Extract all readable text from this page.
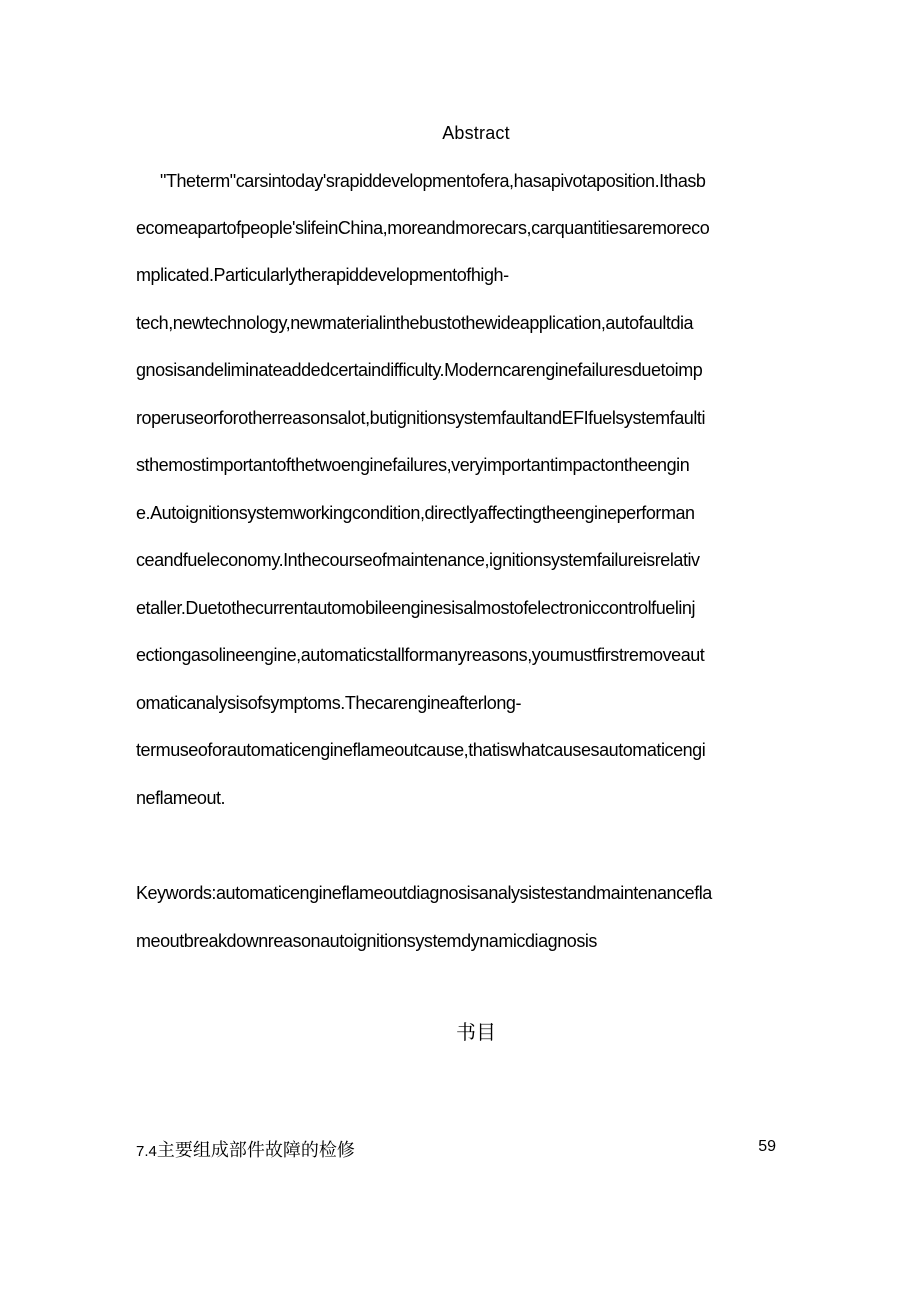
Abstract
"Theterm"carsintoday'srapiddevelopmentofera,hasapivotaposition.Ithasb
ecomeapartofpeople'slifeinChina,moreandmorecars,carquantitiesaremoreco
mplicated.Particularlytherapiddevelopmentofhigh-
tech,newtechnology,newmaterialinthebustothewideapplication,autofaultdia
gnosisandeliminateaddedcertaindifficulty.Moderncarenginefailuresduetoimp
roperuseorforotherreasonsalot,butignitionsystemfaultandEFIfuelsystemfaulti
sthemostimportantofthetwoenginefailures,veryimportantimpactontheengin
e.Autoignitionsystemworkingcondition,directlyaffectingtheengineperforman
ceandfueleconomy.Inthecourseofmaintenance,ignitionsystemfailureisrelativ
etaller.Duetothecurrentautomobileenginesisalmostofelectroniccontrolfuelinj
ectiongasolineengine,automaticstallformanyreasons,youmustfirstremoveaut
omaticanalysisofsymptoms.Thecarengineafterlong-
termuseoforautomaticengineflameoutcause,thatiswhatcausesautomaticengi
neflameout.
Keywords:automaticengineflameoutdiagnosisanalysistestandmaintenancefla
meoutbreakdownreasonautoignitionsystemdynamicdiagnosis
书目
7.4主要组成部件故障的检修	59
